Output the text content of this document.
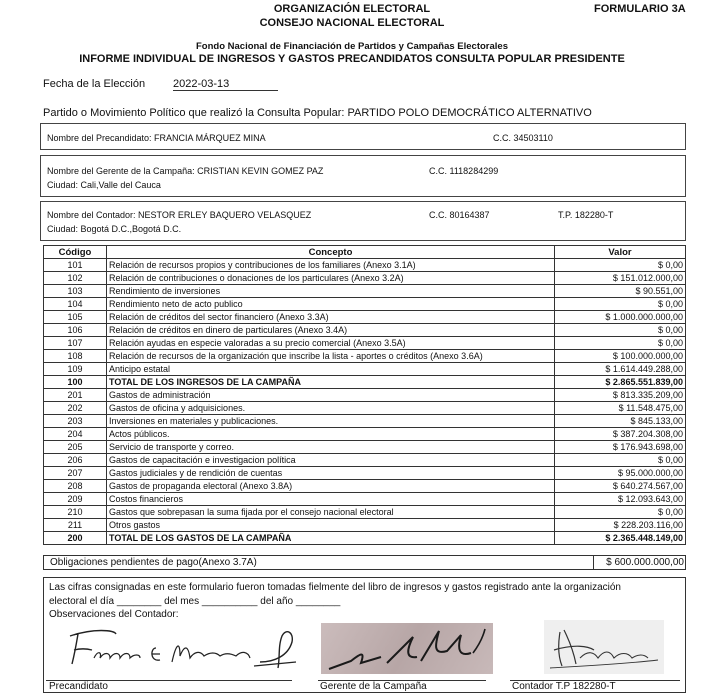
ORGANIZACIÓN ELECTORAL
CONSEJO NACIONAL ELECTORAL
FORMULARIO 3A
Fondo Nacional de Financiación de Partidos y Campañas Electorales
INFORME INDIVIDUAL DE INGRESOS Y GASTOS PRECANDIDATOS CONSULTA POPULAR PRESIDENTE
Fecha de la Elección	2022-03-13
Partido o Movimiento Político que realizó la Consulta Popular: PARTIDO POLO DEMOCRÁTICO ALTERNATIVO
Nombre del Precandidato: FRANCIA MÁRQUEZ MINA	C.C. 34503110
Nombre del Gerente de la Campaña: CRISTIAN KEVIN GOMEZ PAZ	C.C. 1118284299
Ciudad: Cali,Valle del Cauca
Nombre del Contador: NESTOR ERLEY BAQUERO VELASQUEZ	C.C. 80164387	T.P. 182280-T
Ciudad: Bogotá D.C.,Bogotá D.C.
Código	Concepto	Valor
101	Relación de recursos propios y contribuciones de los familiares (Anexo 3.1A)	$ 0,00
102	Relación de contribuciones o donaciones de los particulares (Anexo 3.2A)	$ 151.012.000,00
103	Rendimiento de inversiones	$ 90.551,00
104	Rendimiento neto de acto publico	$ 0,00
105	Relación de créditos del sector financiero (Anexo 3.3A)	$ 1.000.000.000,00
106	Relación de créditos en dinero de particulares (Anexo 3.4A)	$ 0,00
107	Relación ayudas en especie valoradas a su precio comercial (Anexo 3.5A)	$ 0,00
108	Relación de recursos de la organización que inscribe la lista - aportes o créditos (Anexo 3.6A)	$ 100.000.000,00
109	Anticipo estatal	$ 1.614.449.288,00
100	TOTAL DE LOS INGRESOS DE LA CAMPAÑA	$ 2.865.551.839,00
201	Gastos de administración	$ 813.335.209,00
202	Gastos de oficina y adquisiciones.	$ 11.548.475,00
203	Inversiones en materiales y publicaciones.	$ 845.133,00
204	Actos públicos.	$ 387.204.308,00
205	Servicio de transporte y correo.	$ 176.943.698,00
206	Gastos de capacitación e investigacion política	$ 0,00
207	Gastos judiciales y de rendición de cuentas	$ 95.000.000,00
208	Gastos de propaganda electoral (Anexo 3.8A)	$ 640.274.567,00
209	Costos financieros	$ 12.093.643,00
210	Gastos que sobrepasan la suma fijada por el consejo nacional electoral	$ 0,00
211	Otros gastos	$ 228.203.116,00
200	TOTAL DE LOS GASTOS DE LA CAMPAÑA	$ 2.365.448.149,00
Obligaciones pendientes de pago(Anexo 3.7A)	$ 600.000.000,00
Las cifras consignadas en este formulario fueron tomadas fielmente del libro de ingresos y gastos registrado ante la organización
electoral el día ________ del mes __________ del año ________
Observaciones del Contador:
Precandidato	Gerente de la Campaña	Contador T.P 182280-T
